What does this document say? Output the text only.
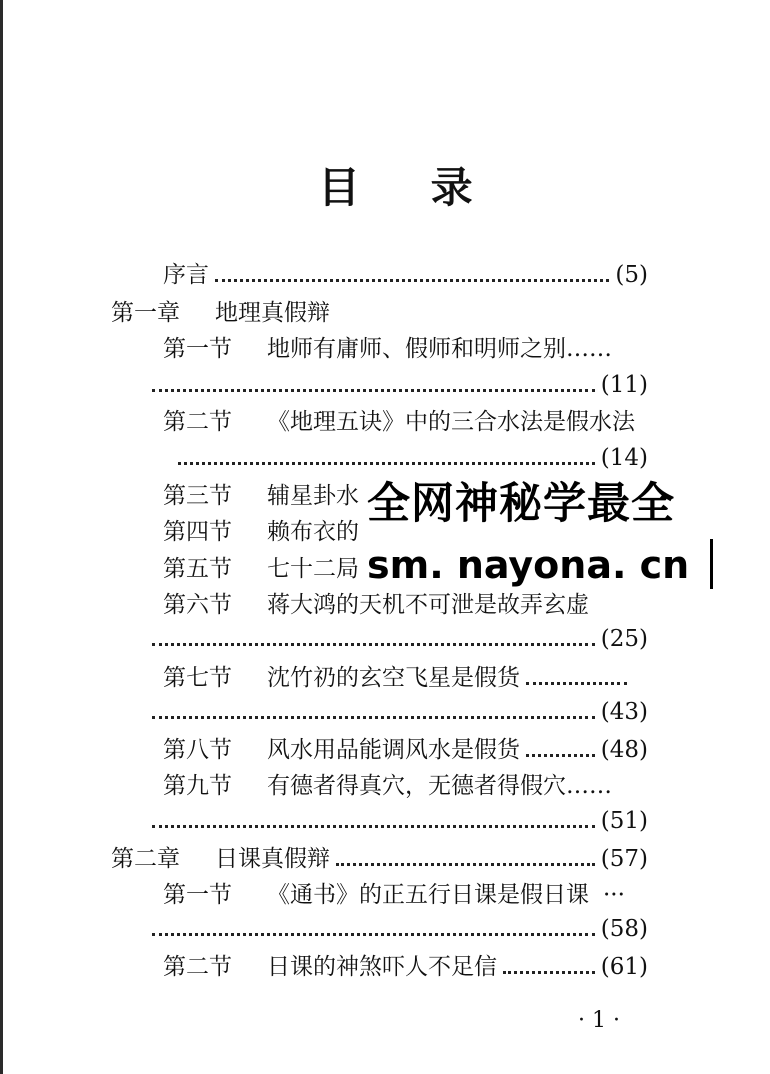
目 录
序言	(5)
第一章	地理真假辩
第一节	地师有庸师、假师和明师之别……
(11)
第二节	《地理五诀》中的三合水法是假水法
(14)
第三节	辅星卦水
第四节	赖布衣的
第五节	七十二局
第六节	蒋大鸿的天机不可泄是故弄玄虚
(25)
第七节	沈竹礽的玄空飞星是假货
(43)
第八节	风水用品能调风水是假货	(48)
第九节	有德者得真穴，无德者得假穴……
(51)
第二章	日课真假辩	(57)
第一节	《通书》的正五行日课是假日课 ···
(58)
第二节	日课的神煞吓人不足信	(61)
全网神秘学最全
sm. nayona. cn
· 1 ·
